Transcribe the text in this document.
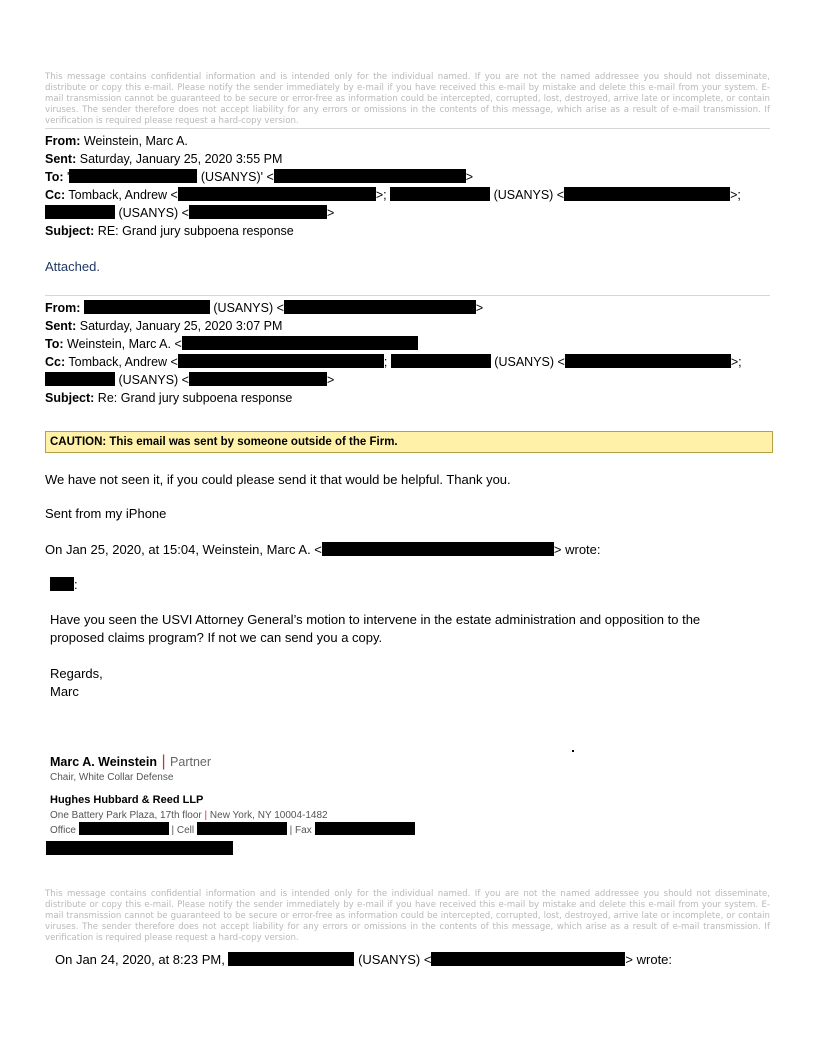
This message contains confidential information and is intended only for the individual named. If you are not the named addressee you should not disseminate, distribute or copy this e-mail. Please notify the sender immediately by e-mail if you have received this e-mail by mistake and delete this e-mail from your system. E-mail transmission cannot be guaranteed to be secure or error-free as information could be intercepted, corrupted, lost, destroyed, arrive late or incomplete, or contain viruses. The sender therefore does not accept liability for any errors or omissions in the contents of this message, which arise as a result of e-mail transmission. If verification is required please request a hard-copy version.

From: Weinstein, Marc A.
Sent: Saturday, January 25, 2020 3:55 PM
To: '	(USANYS)' <	>
Cc: Tomback, Andrew <	>;	(USANYS) <	>;
(USANYS) <	>
Subject: RE: Grand jury subpoena response
Attached.
From:	(USANYS) <	>
Sent: Saturday, January 25, 2020 3:07 PM
To: Weinstein, Marc A. <
Cc: Tomback, Andrew <	;	(USANYS) <	>;
(USANYS) <	>
Subject: Re: Grand jury subpoena response
CAUTION: This email was sent by someone outside of the Firm.
We have not seen it, if you could please send it that would be helpful. Thank you.
Sent from my iPhone
On Jan 25, 2020, at 15:04, Weinstein, Marc A. <	> wrote:
:
Have you seen the USVI Attorney General’s motion to intervene in the estate administration and opposition to the
proposed claims program? If not we can send you a copy.
Regards,
Marc
Marc A. Weinstein | Partner
Chair, White Collar Defense
Hughes Hubbard & Reed LLP
One Battery Park Plaza, 17th floor | New York, NY 10004-1482
Office	| Cell	| Fax

This message contains confidential information and is intended only for the individual named. If you are not the named addressee you should not disseminate, distribute or copy this e-mail. Please notify the sender immediately by e-mail if you have received this e-mail by mistake and delete this e-mail from your system. E-mail transmission cannot be guaranteed to be secure or error-free as information could be intercepted, corrupted, lost, destroyed, arrive late or incomplete, or contain viruses. The sender therefore does not accept liability for any errors or omissions in the contents of this message, which arise as a result of e-mail transmission. If verification is required please request a hard-copy version.

On Jan 24, 2020, at 8:23 PM,	(USANYS) <	> wrote:
